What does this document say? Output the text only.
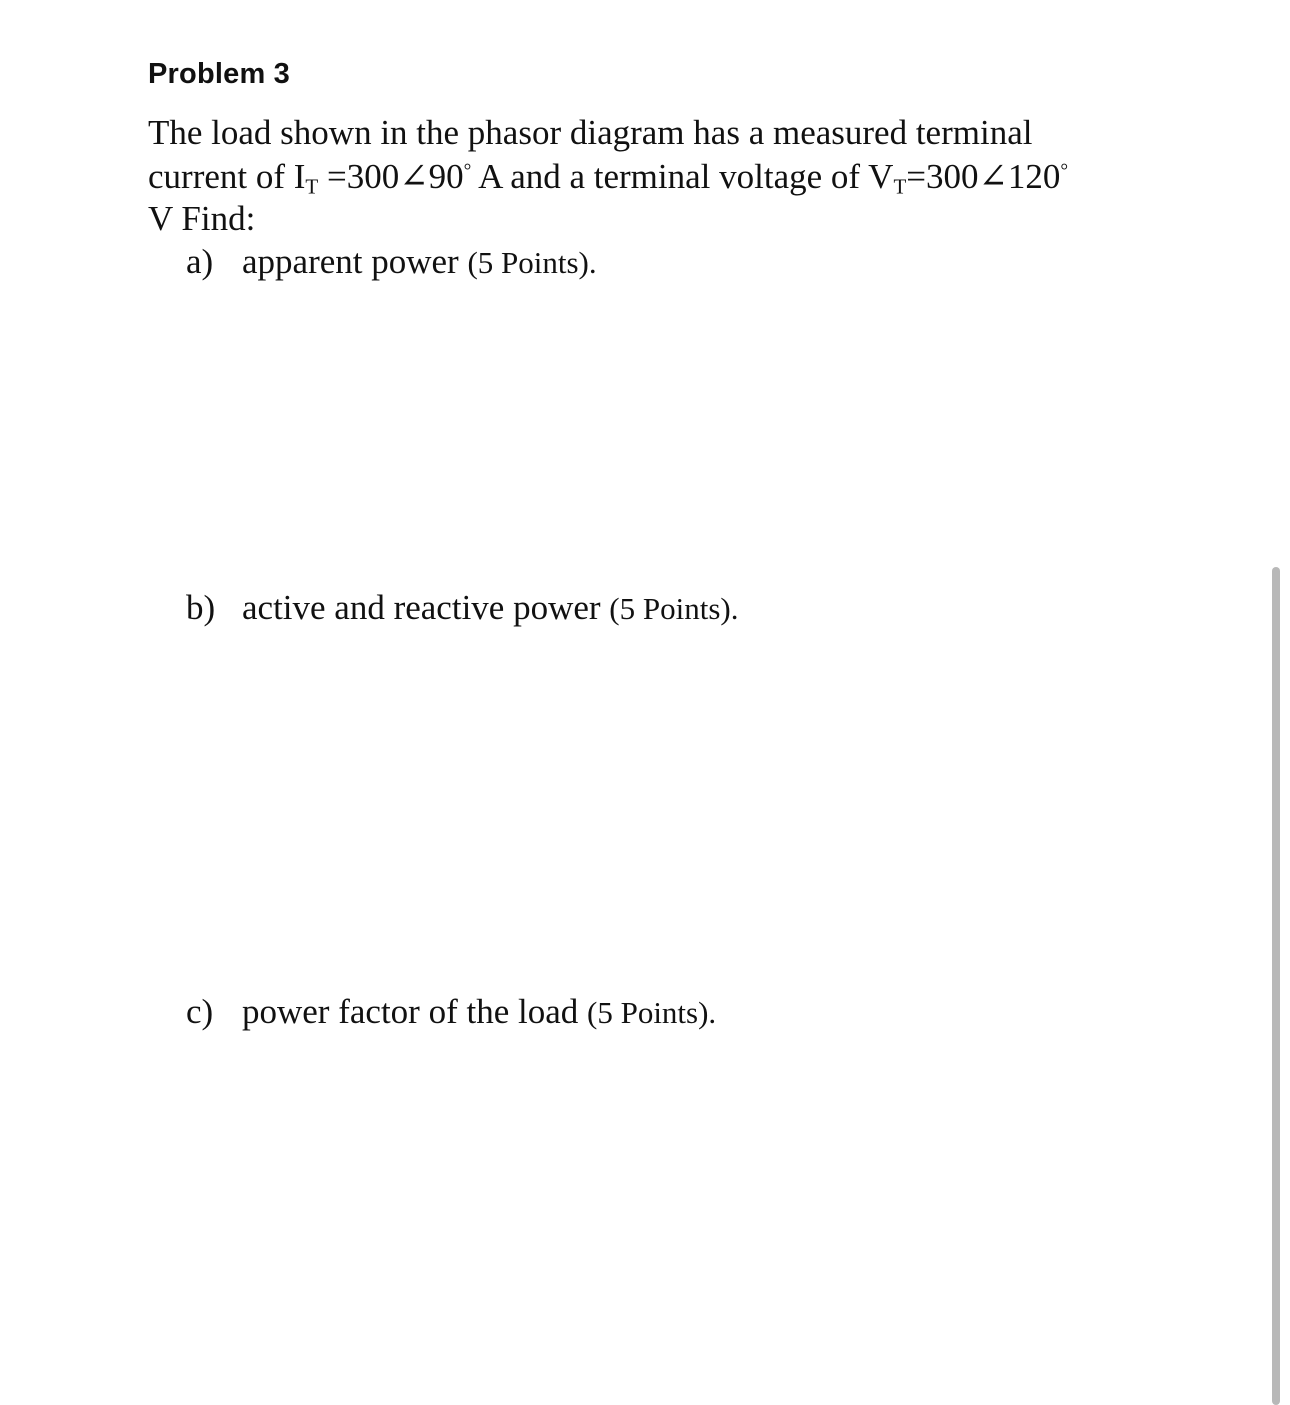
Problem 3
The load shown in the phasor diagram has a measured terminal
current of $I_T$ =300∠90° A and a terminal voltage of $V_T=300\angle 120^\circ$
V Find:
a) apparent power (5 Points).
b) active and reactive power (5 Points).
c) power factor of the load (5 Points).
